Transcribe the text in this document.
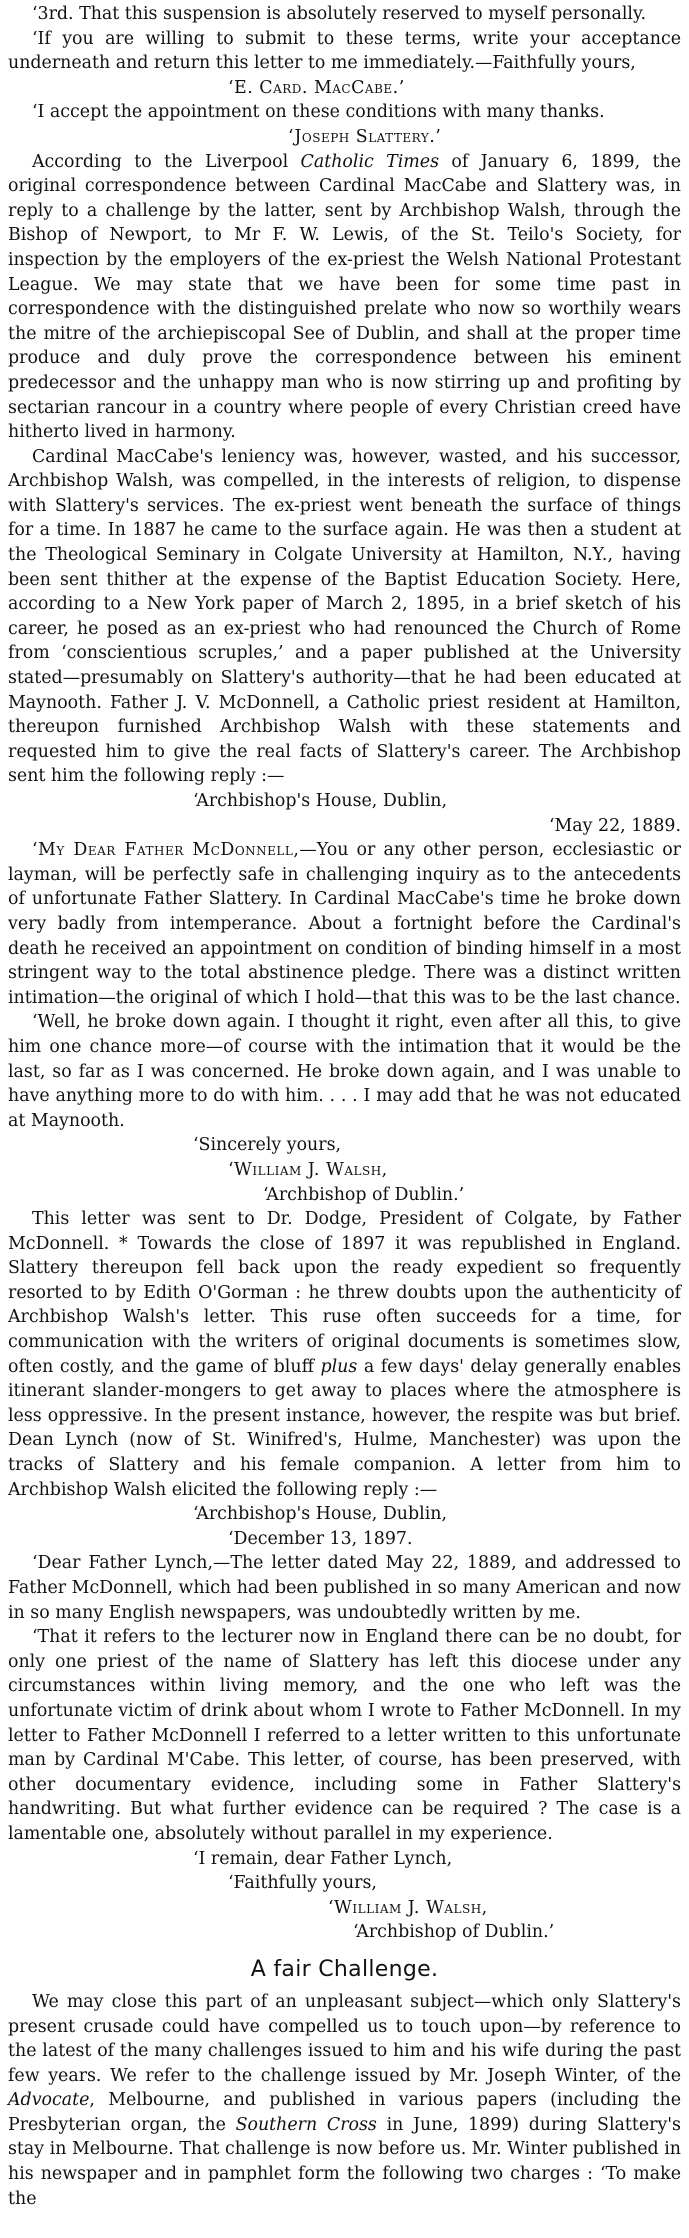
‘3rd. That this suspension is absolutely reserved to myself personally.

‘If you are willing to submit to these terms, write your acceptance underneath and return this letter to me immediately.—Faithfully yours,

‘E. Card. MacCabe.’

‘I accept the appointment on these conditions with many thanks.

‘Joseph Slattery.’

According to the Liverpool Catholic Times of January 6, 1899, the original correspondence between Cardinal MacCabe and Slattery was, in reply to a challenge by the latter, sent by Archbishop Walsh, through the Bishop of Newport, to Mr F. W. Lewis, of the St. Teilo's Society, for inspection by the employers of the ex-priest the Welsh National Protestant League. We may state that we have been for some time past in correspondence with the distinguished prelate who now so worthily wears the mitre of the archiepiscopal See of Dublin, and shall at the proper time produce and duly prove the correspondence between his eminent predecessor and the unhappy man who is now stirring up and profiting by sectarian rancour in a country where people of every Christian creed have hitherto lived in harmony.

Cardinal MacCabe's leniency was, however, wasted, and his successor, Archbishop Walsh, was compelled, in the interests of religion, to dispense with Slattery's services. The ex-priest went beneath the surface of things for a time. In 1887 he came to the surface again. He was then a student at the Theological Seminary in Colgate University at Hamilton, N.Y., having been sent thither at the expense of the Baptist Education Society. Here, according to a New York paper of March 2, 1895, in a brief sketch of his career, he posed as an ex-priest who had renounced the Church of Rome from ‘conscientious scruples,’ and a paper published at the University stated—presumably on Slattery's authority—that he had been educated at Maynooth. Father J. V. McDonnell, a Catholic priest resident at Hamilton, thereupon furnished Archbishop Walsh with these statements and requested him to give the real facts of Slattery's career. The Archbishop sent him the following reply :—

‘Archbishop's House, Dublin,

‘May 22, 1889.

‘My Dear Father McDonnell,—You or any other person, ecclesiastic or layman, will be perfectly safe in challenging inquiry as to the antecedents of unfortunate Father Slattery. In Cardinal MacCabe's time he broke down very badly from intemperance. About a fortnight before the Cardinal's death he received an appointment on condition of binding himself in a most stringent way to the total abstinence pledge. There was a distinct written intimation—the original of which I hold—that this was to be the last chance.

‘Well, he broke down again. I thought it right, even after all this, to give him one chance more—of course with the intimation that it would be the last, so far as I was concerned. He broke down again, and I was unable to have anything more to do with him. . . . I may add that he was not educated at Maynooth.

‘Sincerely yours,

‘William J. Walsh,

‘Archbishop of Dublin.’

This letter was sent to Dr. Dodge, President of Colgate, by Father McDonnell. * Towards the close of 1897 it was republished in England. Slattery thereupon fell back upon the ready expedient so frequently resorted to by Edith O'Gorman : he threw doubts upon the authenticity of Archbishop Walsh's letter. This ruse often succeeds for a time, for communication with the writers of original documents is sometimes slow, often costly, and the game of bluff plus a few days' delay generally enables itinerant slander-mongers to get away to places where the atmosphere is less oppressive. In the present instance, however, the respite was but brief. Dean Lynch (now of St. Winifred's, Hulme, Manchester) was upon the tracks of Slattery and his female companion. A letter from him to Archbishop Walsh elicited the following reply :—

‘Archbishop's House, Dublin,

‘December 13, 1897.

‘Dear Father Lynch,—The letter dated May 22, 1889, and addressed to Father McDonnell, which had been published in so many American and now in so many English newspapers, was undoubtedly written by me.

‘That it refers to the lecturer now in England there can be no doubt, for only one priest of the name of Slattery has left this diocese under any circumstances within living memory, and the one who left was the unfortunate victim of drink about whom I wrote to Father McDonnell. In my letter to Father McDonnell I referred to a letter written to this unfortunate man by Cardinal M'Cabe. This letter, of course, has been preserved, with other documentary evidence, including some in Father Slattery's handwriting. But what further evidence can be required ? The case is a lamentable one, absolutely without parallel in my experience.

‘I remain, dear Father Lynch,

‘Faithfully yours,

‘William J. Walsh,

‘Archbishop of Dublin.’

A fair Challenge.

We may close this part of an unpleasant subject—which only Slattery's present crusade could have compelled us to touch upon—by reference to the latest of the many challenges issued to him and his wife during the past few years. We refer to the challenge issued by Mr. Joseph Winter, of the Advocate, Melbourne, and published in various papers (including the Presbyterian organ, the Southern Cross in June, 1899) during Slattery's stay in Melbourne. That challenge is now before us. Mr. Winter published in his newspaper and in pamphlet form the following two charges : ‘To make the
